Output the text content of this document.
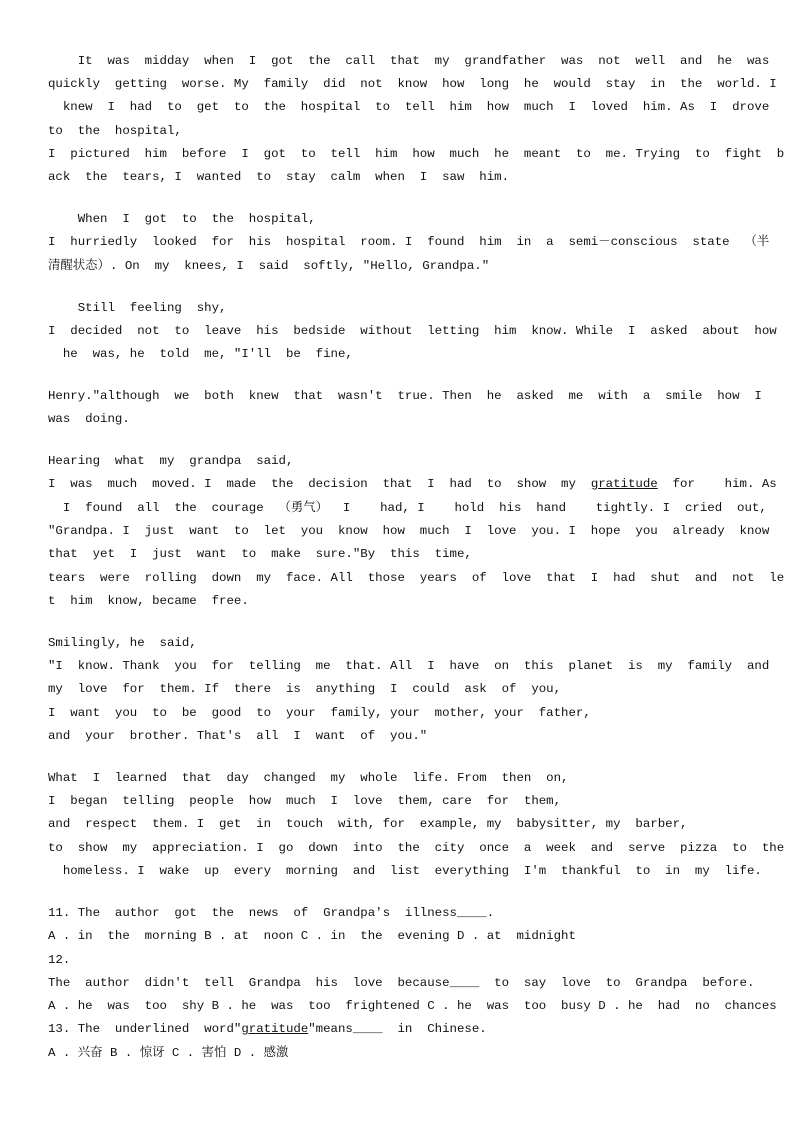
It  was  midday  when  I  got  the  call  that  my  grandfather  was  not  well  and  he  was
quickly  getting  worse. My  family  did  not  know  how  long  he  would  stay  in  the  world. I
knew  I  had  to  get  to  the  hospital  to  tell  him  how  much  I  loved  him. As  I  drove
to  the  hospital,
I  pictured  him  before  I  got  to  tell  him  how  much  he  meant  to  me. Trying  to  fight  b
ack  the  tears, I  wanted  to  stay  calm  when  I  saw  him.
When  I  got  to  the  hospital,
I  hurriedly  looked  for  his  hospital  room. I  found  him  in  a  semi－conscious  state  （半
清醒状态）. On  my  knees, I  said  softly, "Hello, Grandpa."
Still  feeling  shy,
I  decided  not  to  leave  his  bedside  without  letting  him  know. While  I  asked  about  how
he  was, he  told  me, "I'll  be  fine,
Henry."although  we  both  knew  that  wasn't  true. Then  he  asked  me  with  a  smile  how  I
was  doing.
Hearing  what  my  grandpa  said,
I  was  much  moved. I  made  the  decision  that  I  had  to  show  my  gratitude  for    him. As
I  found  all  the  courage  （勇气）  I    had, I    hold  his  hand    tightly. I  cried  out,
"Grandpa. I  just  want  to  let  you  know  how  much  I  love  you. I  hope  you  already  know
that  yet  I  just  want  to  make  sure."By  this  time,
tears  were  rolling  down  my  face. All  those  years  of  love  that  I  had  shut  and  not  le
t  him  know, became  free.
Smilingly, he  said,
"I  know. Thank  you  for  telling  me  that. All  I  have  on  this  planet  is  my  family  and
my  love  for  them. If  there  is  anything  I  could  ask  of  you,
I  want  you  to  be  good  to  your  family, your  mother, your  father,
and  your  brother. That's  all  I  want  of  you."
What  I  learned  that  day  changed  my  whole  life. From  then  on,
I  began  telling  people  how  much  I  love  them, care  for  them,
and  respect  them. I  get  in  touch  with, for  example, my  babysitter, my  barber,
to  show  my  appreciation. I  go  down  into  the  city  once  a  week  and  serve  pizza  to  the
homeless. I  wake  up  every  morning  and  list  everything  I'm  thankful  to  in  my  life.
11. The  author  got  the  news  of  Grandpa's  illness____.
A . in  the  morning B . at  noon C . in  the  evening D . at  midnight
12.
The  author  didn't  tell  Grandpa  his  love  because____  to  say  love  to  Grandpa  before.
A . he  was  too  shy B . he  was  too  frightened C . he  was  too  busy D . he  had  no  chances
13. The  underlined  word"gratitude"means____  in  Chinese.
A . 兴奋 B . 惊讶 C . 害怕 D . 感激
